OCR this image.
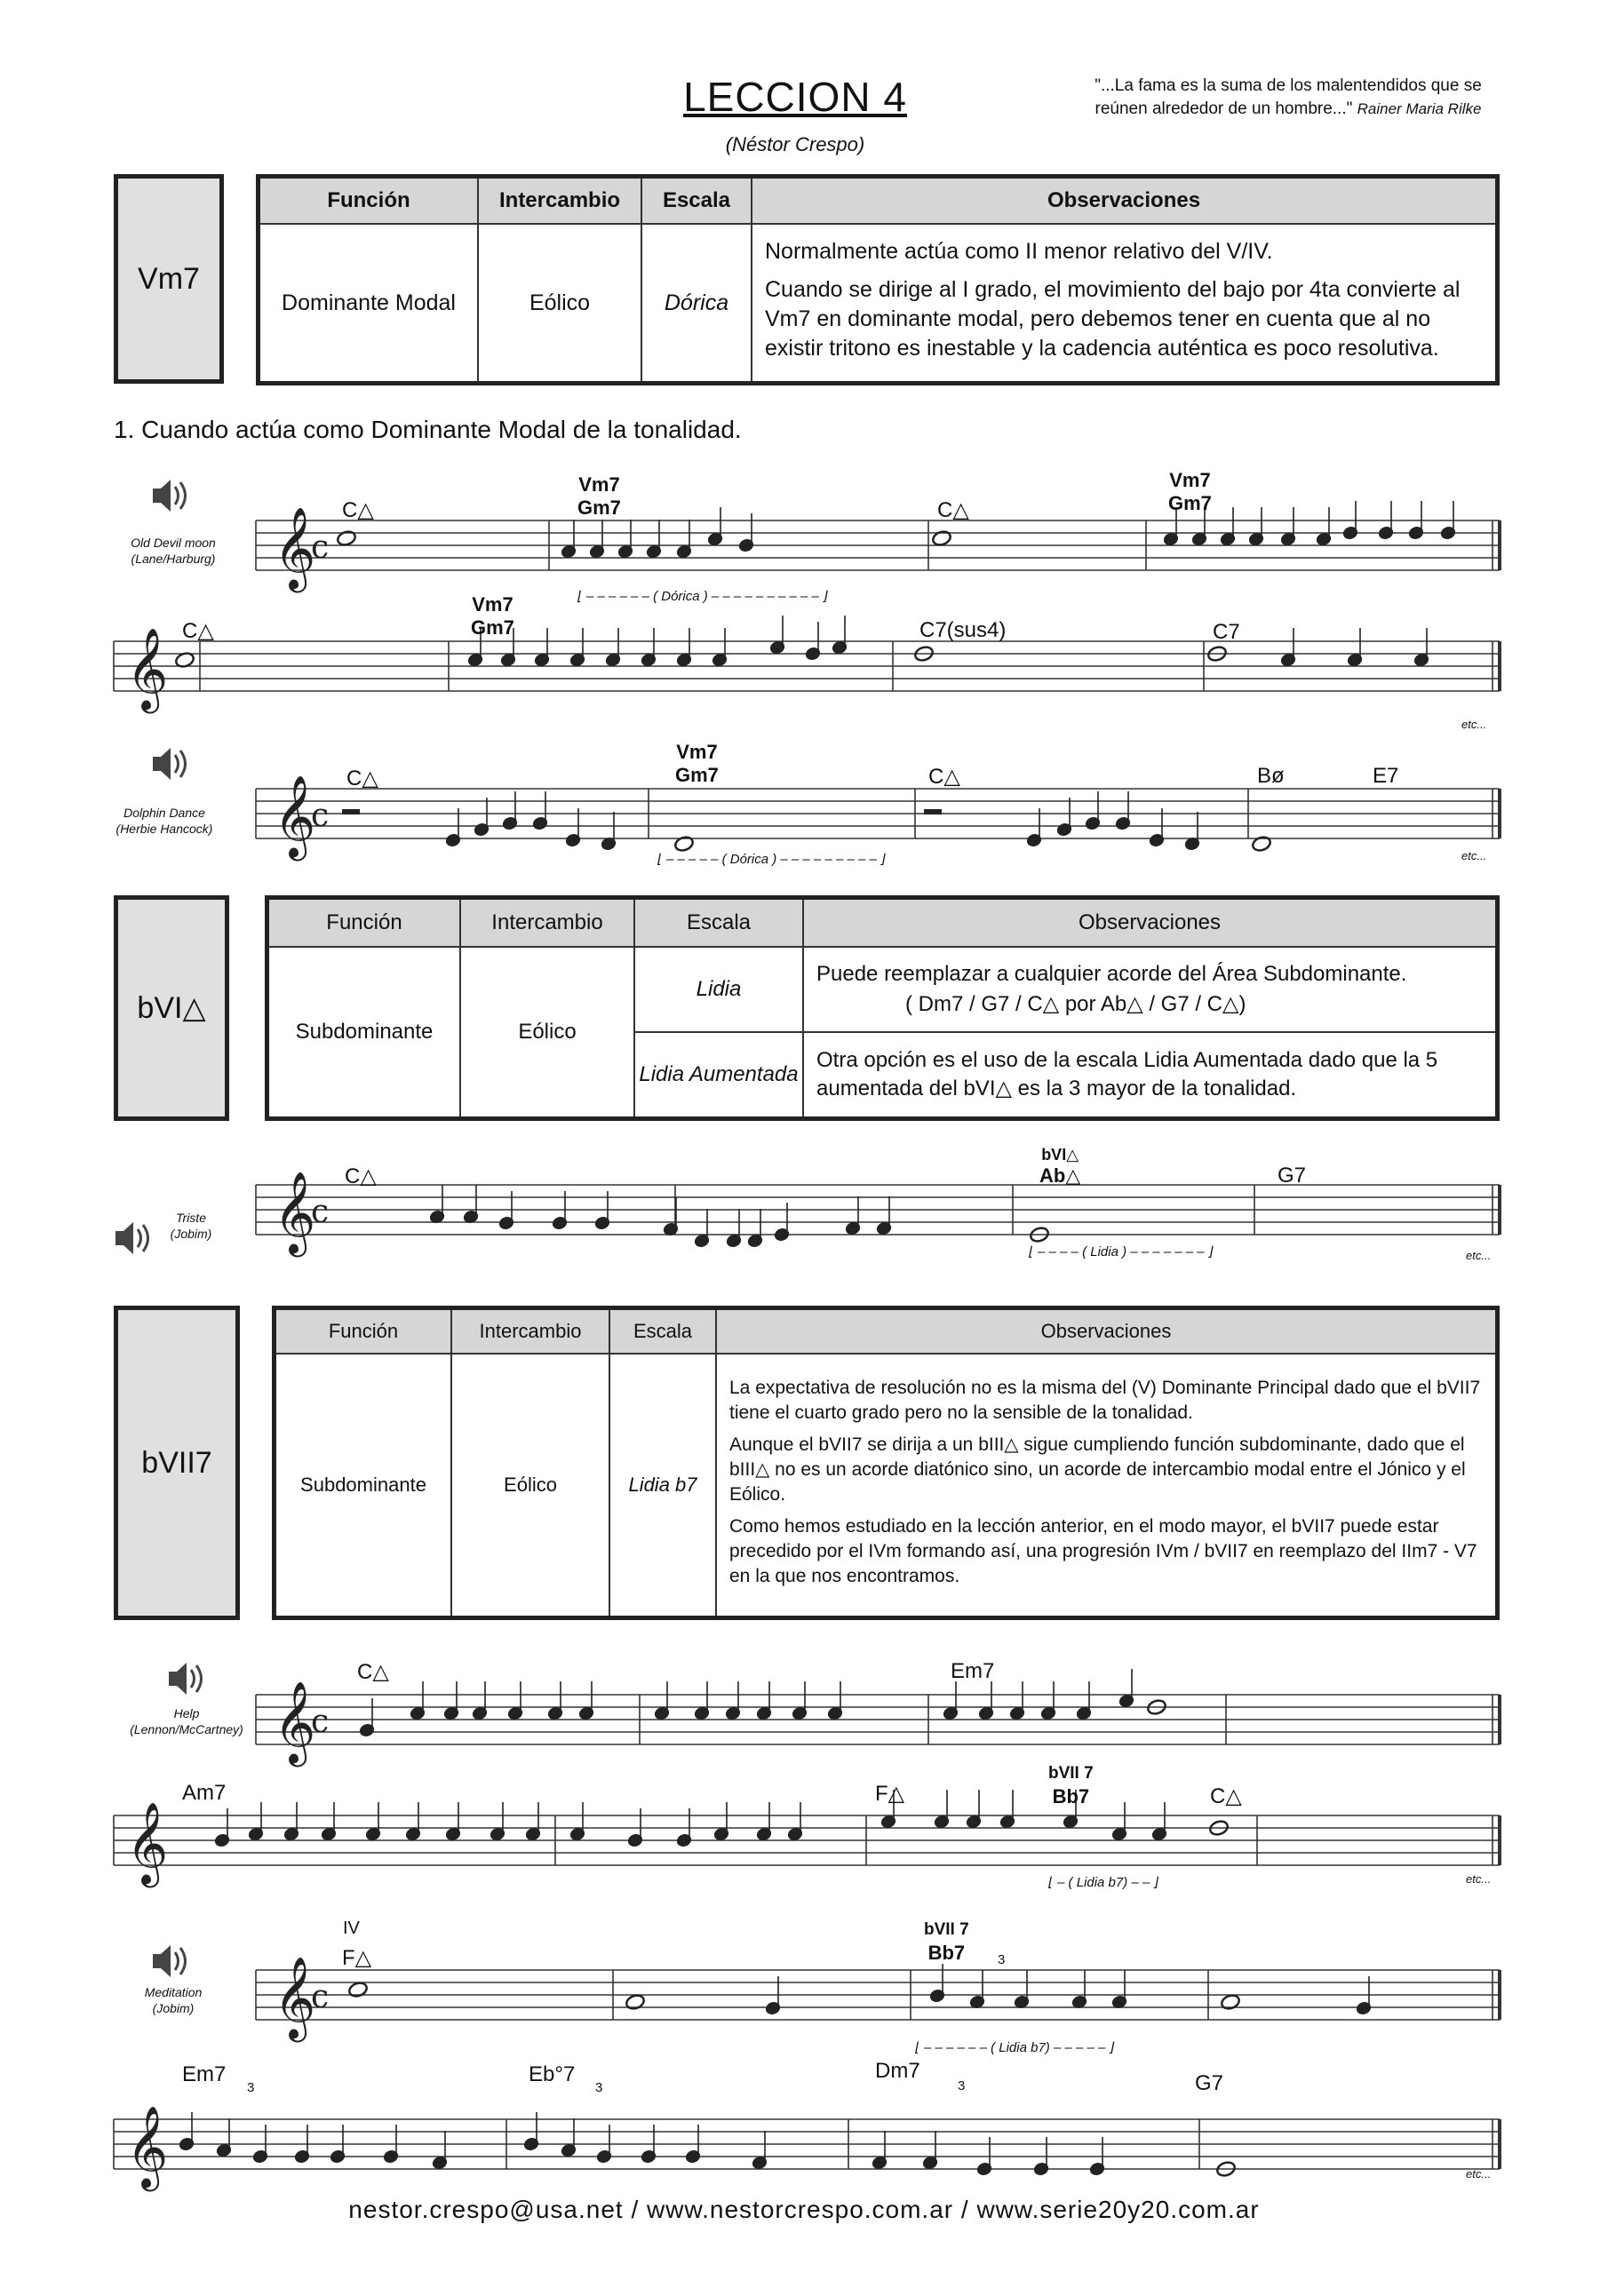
LECCION 4
(Néstor Crespo)
"...La fama es la suma de los malentendidos que se
reúnen alrededor de un hombre..." Rainer Maria Rilke
Vm7
Función	Intercambio	Escala	Observaciones
Dominante Modal	Eólico	Dórica	Normalmente actúa como II menor relativo del V/IV.

Cuando se dirige al I grado, el movimiento del bajo por 4ta convierte al Vm7 en dominante modal, pero debemos tener en cuenta que al no existir tritono es inestable y la cadencia auténtica es poco resolutiva.

1. Cuando actúa como Dominante Modal de la tonalidad.
𝄞
c
𝄞
𝄞
c
𝄞
c
𝄞
c
𝄞
𝄞
c
𝄞
Old Devil moon
(Lane/Harburg)
Dolphin Dance
(Herbie Hancock)
Triste
(Jobim)
Help
(Lennon/McCartney)
Meditation
(Jobim)
C△
Vm7
Gm7	C△
Vm7
Gm7
⌊ – – – – – – ( Dórica ) – – – – – – – – – – ⌋
C△
Vm7
Gm7	C7(sus4)	C7
etc...
C△
Vm7
Gm7	C△	Bø	E7
⌊ – – – – – ( Dórica ) – – – – – – – – – ⌋	etc...
bVI△
Función	Intercambio	Escala	Observaciones
Subdominante	Eólico	Lidia	Puede reemplazar a cualquier acorde del Área Subdominante.
( Dm7 / G7 / C△ por Ab△ / G7 / C△)

		Lidia Aumentada	Otra opción es el uso de la escala Lidia Aumentada dado que la 5 aumentada del bVI△ es la 3 mayor de la tonalidad.
C△
bVI△
Ab△	G7
⌊ – – – – ( Lidia ) – – – – – – – ⌋	etc...
bVII7
Función	Intercambio	Escala	Observaciones
Subdominante	Eólico	Lidia b7	La expectativa de resolución no es la misma del (V) Dominante Principal dado que el bVII7 tiene el cuarto grado pero no la sensible de la tonalidad.

Aunque el bVII7 se dirija a un bIII△ sigue cumpliendo función subdominante, dado que el bIII△ no es un acorde diatónico sino, un acorde de intercambio modal entre el Jónico y el Eólico.

Como hemos estudiado en la lección anterior, en el modo mayor, el bVII7 puede estar precedido por el IVm formando así, una progresión IVm / bVII7 en reemplazo del IIm7 - V7 en la que nos encontramos.

C△	Em7
Am7	F△
bVII 7
Bb7	C△
⌊ – ( Lidia b7) – – ⌋	etc...
IV
F△
bVII 7
Bb7
⌊ – – – – – – ( Lidia b7) – – – – – ⌋
Em7	Eb°7	Dm7
G7
etc...
3
3	3	3
nestor.crespo@usa.net / www.nestorcrespo.com.ar / www.serie20y20.com.ar
